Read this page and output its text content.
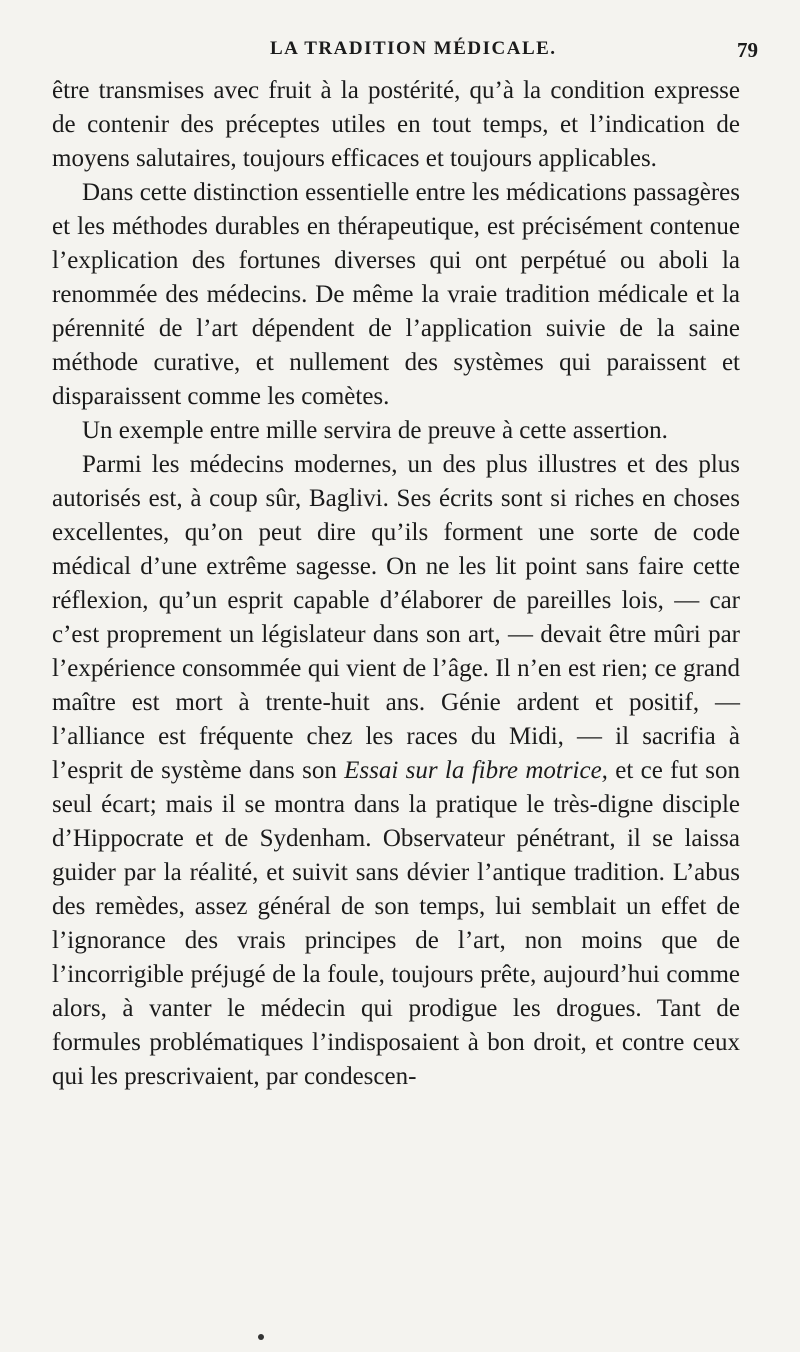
LA TRADITION MÉDICALE.	79

être transmises avec fruit à la postérité, qu’à la condition expresse de contenir des préceptes utiles en tout temps, et l’indication de moyens salutaires, toujours efficaces et toujours applicables.

Dans cette distinction essentielle entre les médications passagères et les méthodes durables en thérapeutique, est précisément contenue l’explication des fortunes diverses qui ont perpétué ou aboli la renommée des médecins. De même la vraie tradition médicale et la pérennité de l’art dépendent de l’application suivie de la saine méthode curative, et nullement des systèmes qui paraissent et disparaissent comme les comètes.

Un exemple entre mille servira de preuve à cette assertion.

Parmi les médecins modernes, un des plus illustres et des plus autorisés est, à coup sûr, Baglivi. Ses écrits sont si riches en choses excellentes, qu’on peut dire qu’ils forment une sorte de code médical d’une extrême sagesse. On ne les lit point sans faire cette réflexion, qu’un esprit capable d’élaborer de pareilles lois, — car c’est proprement un législateur dans son art, — devait être mûri par l’expérience consommée qui vient de l’âge. Il n’en est rien; ce grand maître est mort à trente-huit ans. Génie ardent et positif, — l’alliance est fréquente chez les races du Midi, — il sacrifia à l’esprit de système dans son Essai sur la fibre motrice, et ce fut son seul écart; mais il se montra dans la pratique le très-digne disciple d’Hippocrate et de Sydenham. Observateur pénétrant, il se laissa guider par la réalité, et suivit sans dévier l’antique tradition. L’abus des remèdes, assez général de son temps, lui semblait un effet de l’ignorance des vrais principes de l’art, non moins que de l’incorrigible préjugé de la foule, toujours prête, aujourd’hui comme alors, à vanter le médecin qui prodigue les drogues. Tant de formules problématiques l’indisposaient à bon droit, et contre ceux qui les prescrivaient, par condescen-
